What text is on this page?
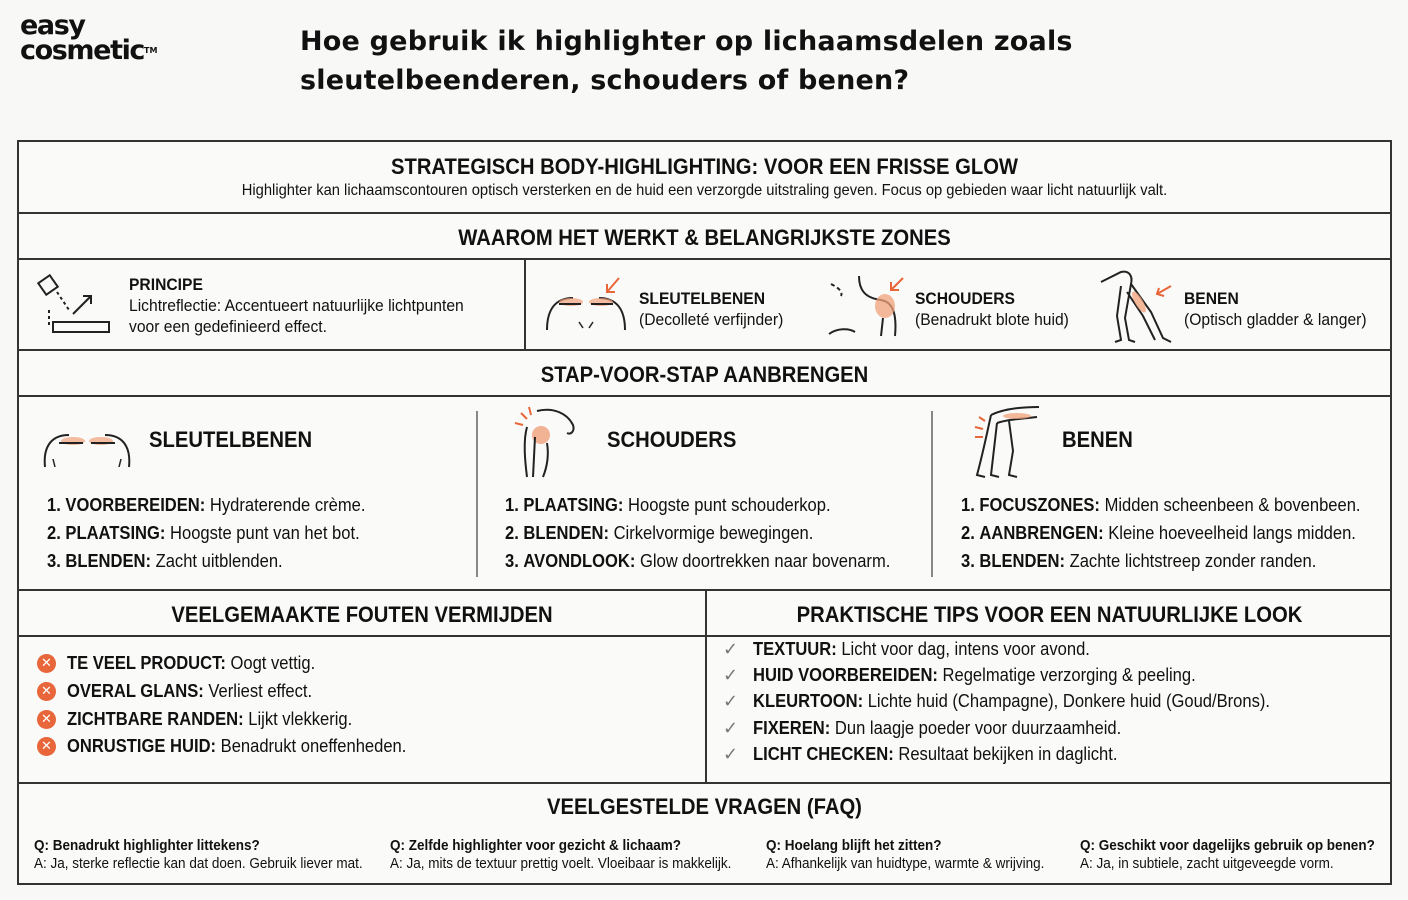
easy
cosmetic™	Hoe gebruik ik highlighter op lichaamsdelen zoals
sleutelbeenderen, schouders of benen?
STRATEGISCH BODY-HIGHLIGHTING: VOOR EEN FRISSE GLOW
Highlighter kan lichaamscontouren optisch versterken en de huid een verzorgde uitstraling geven. Focus op gebieden waar licht natuurlijk valt.
WAAROM HET WERKT & BELANGRIJKSTE ZONES
PRINCIPE
Lichtreflectie: Accentueert natuurlijke lichtpunten
voor een gedefinieerd effect.
SLEUTELBENEN
(Decolleté verfijnder)
SCHOUDERS
(Benadrukt blote huid)
BENEN
(Optisch gladder & langer)
STAP-VOOR-STAP AANBRENGEN
SLEUTELBENEN
1. VOORBEREIDEN: Hydraterende crème.
2. PLAATSING: Hoogste punt van het bot.
3. BLENDEN: Zacht uitblenden.
SCHOUDERS
1. PLAATSING: Hoogste punt schouderkop.
2. BLENDEN: Cirkelvormige bewegingen.
3. AVONDLOOK: Glow doortrekken naar bovenarm.
BENEN
1. FOCUSZONES: Midden scheenbeen & bovenbeen.
2. AANBRENGEN: Kleine hoeveelheid langs midden.
3. BLENDEN: Zachte lichtstreep zonder randen.
VEELGEMAAKTE FOUTEN VERMIJDEN	PRAKTISCHE TIPS VOOR EEN NATUURLIJKE LOOK
✕ TE VEEL PRODUCT: Oogt vettig.
✕ OVERAL GLANS: Verliest effect.
✕ ZICHTBARE RANDEN: Lijkt vlekkerig.
✕ ONRUSTIGE HUID: Benadrukt oneffenheden.
✓ TEXTUUR: Licht voor dag, intens voor avond.
✓ HUID VOORBEREIDEN: Regelmatige verzorging & peeling.
✓ KLEURTOON: Lichte huid (Champagne), Donkere huid (Goud/Brons).
✓ FIXEREN: Dun laagje poeder voor duurzaamheid.
✓ LICHT CHECKEN: Resultaat bekijken in daglicht.
VEELGESTELDE VRAGEN (FAQ)
Q: Benadrukt highlighter littekens?
A: Ja, sterke reflectie kan dat doen. Gebruik liever mat.
Q: Zelfde highlighter voor gezicht & lichaam?
A: Ja, mits de textuur prettig voelt. Vloeibaar is makkelijk.
Q: Hoelang blijft het zitten?
A: Afhankelijk van huidtype, warmte & wrijving.
Q: Geschikt voor dagelijks gebruik op benen?
A: Ja, in subtiele, zacht uitgeveegde vorm.
